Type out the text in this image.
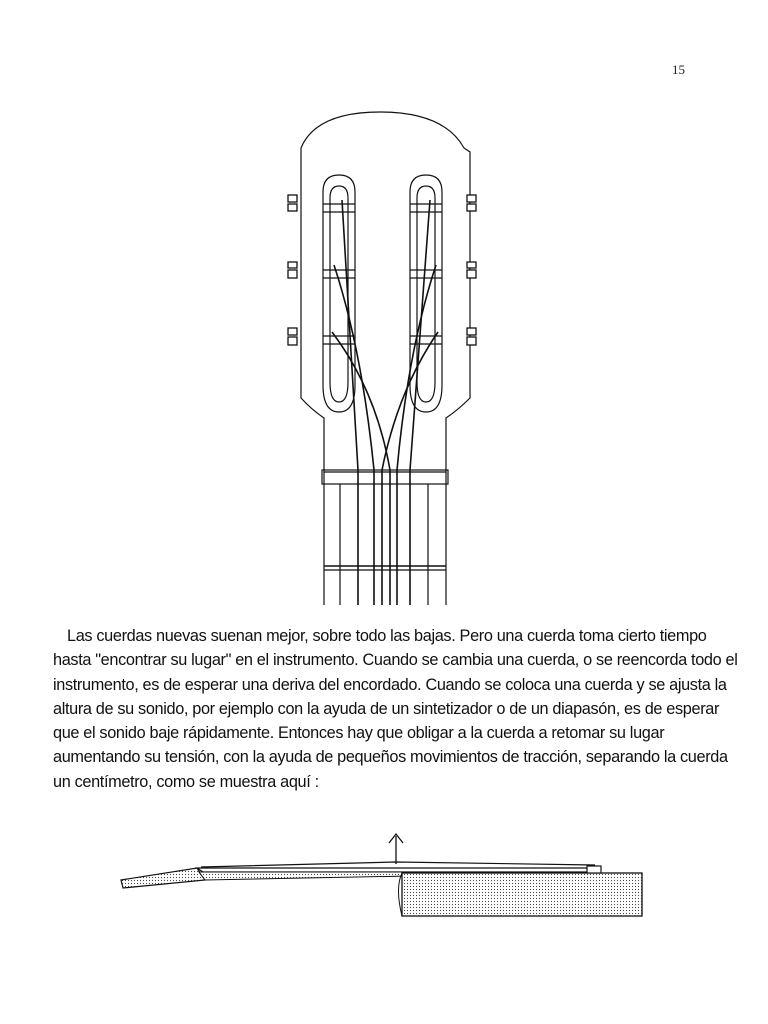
15

Las cuerdas nuevas suenan mejor, sobre todo las bajas. Pero una cuerda toma cierto tiempo hasta "encontrar su lugar" en el instrumento. Cuando se cambia una cuerda, o se reencorda todo el instrumento, es de esperar una deriva del encordado. Cuando se coloca una cuerda y se ajusta la altura de su sonido, por ejemplo con la ayuda de un sintetizador o de un diapasón, es de esperar que el sonido baje rápidamente. Entonces hay que obligar a la cuerda a retomar su lugar aumentando su tensión, con la ayuda de pequeños movimientos de tracción, separando la cuerda un centímetro, como se muestra aquí :
